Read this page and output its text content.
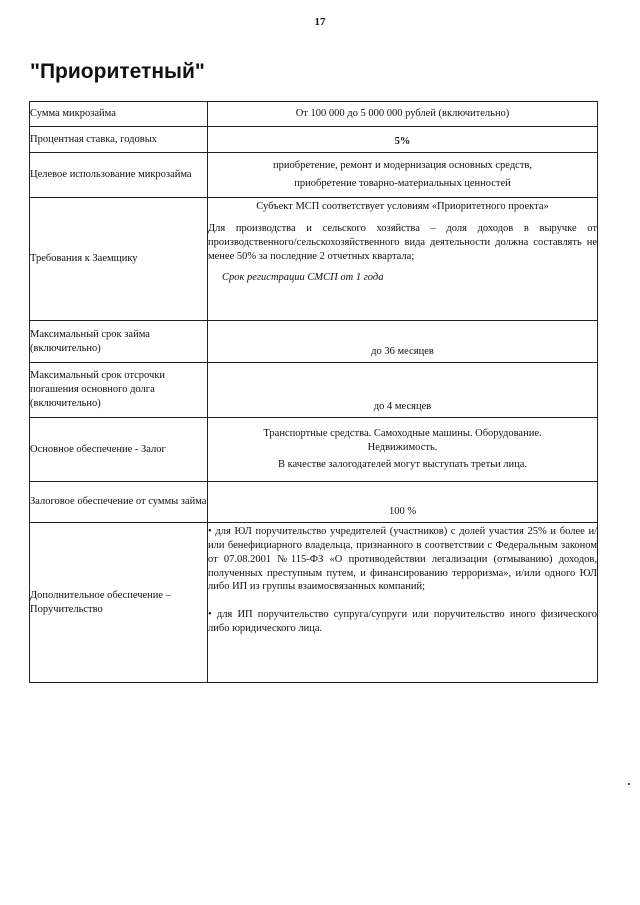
17
"Приоритетный"
Сумма микрозайма	От 100 000 до 5 000 000 рублей (включительно)
Процентная ставка, годовых	5%
Целевое использование микрозайма	приобретение, ремонт и модернизация основных средств,
приобретение товарно-материальных ценностей

Требования к Заемщику	Субъект МСП соответствует условиям «Приоритетного проекта»

Для производства и сельского хозяйства – доля доходов в выручке от производственного/сельскохозяйственного вида деятельности должна составлять не менее 50% за последние 2 отчетных квартала;

Срок регистрации СМСП от 1 года

Максимальный срок займа (включительно)	до 36 месяцев
Максимальный срок отсрочки погашения основного долга (включительно)	до 4 месяцев
Основное обеспечение - Залог	Транспортные средства. Самоходные машины. Оборудование.
Недвижимость.
В качестве залогодателей могут выступать третьи лица.

Залоговое обеспечение от суммы займа	100 %
Дополнительное обеспечение – Поручительство	• для ЮЛ поручительство учредителей (участников) с долей участия 25% и более и/или бенефициарного владельца, признанного в соответствии с Федеральным законом от 07.08.2001 №115-ФЗ «О противодействии легализации (отмыванию) доходов, полученных преступным путем, и финансированию терроризма», и/или одного ЮЛ либо ИП из группы взаимосвязанных компаний;

• для ИП поручительство супруга/супруги или поручительство иного физического либо юридического лица.
